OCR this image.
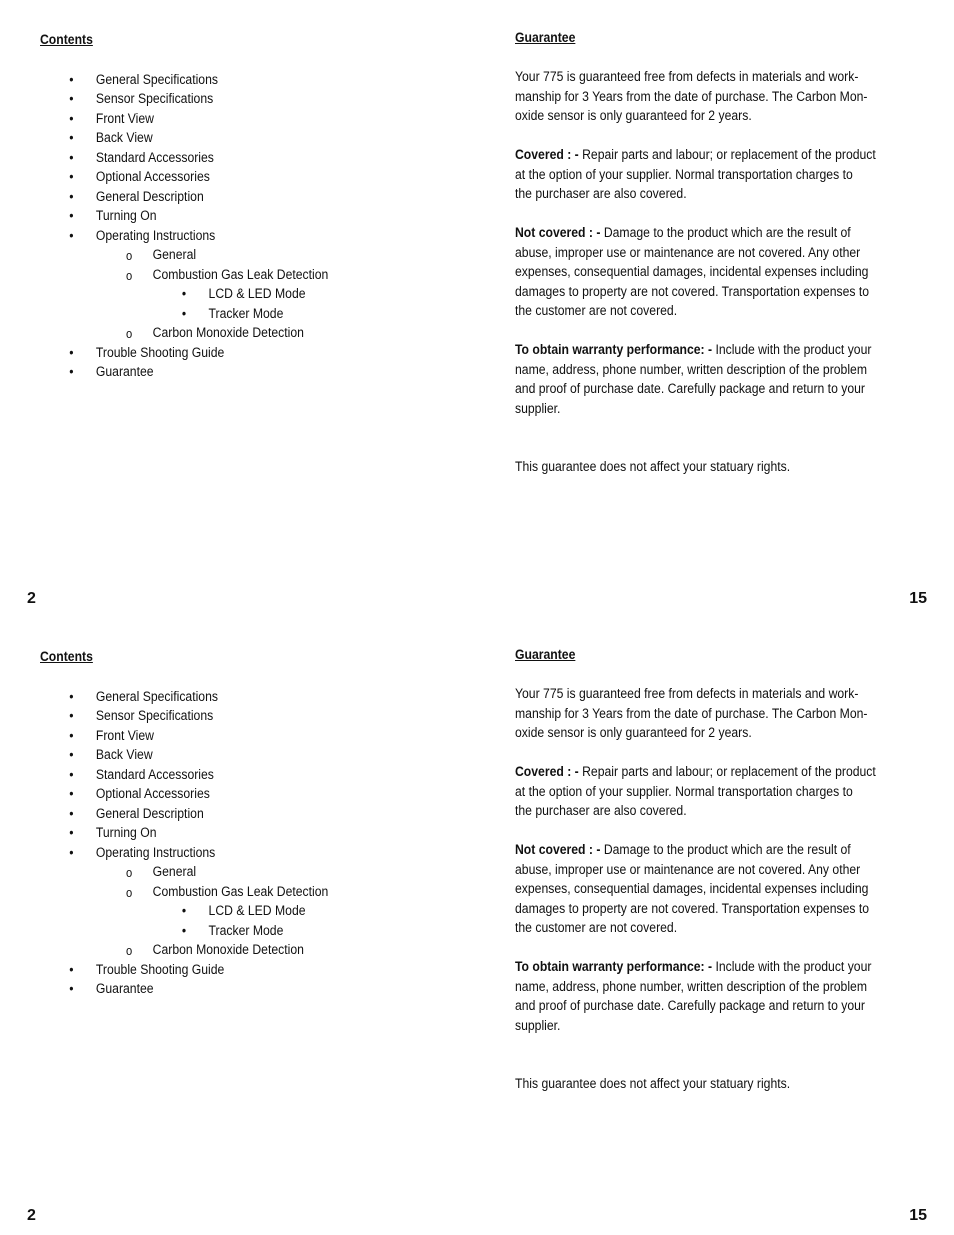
Contents
• General Specifications
• Sensor Specifications
• Front View
• Back View
• Standard Accessories
• Optional Accessories
• General Description
• Turning On
• Operating Instructions
o General
o Combustion Gas Leak Detection
• LCD & LED Mode
• Tracker Mode
o Carbon Monoxide Detection
• Trouble Shooting Guide
• Guarantee
Guarantee
Your 775 is guaranteed free from defects in materials and work-
manship for 3 Years from the date of purchase. The Carbon Mon-
oxide sensor is only guaranteed for 2 years.
Covered : - Repair parts and labour; or replacement of the product
at the option of your supplier. Normal transportation charges to
the purchaser are also covered.
Not covered : - Damage to the product which are the result of
abuse, improper use or maintenance are not covered. Any other
expenses, consequential damages, incidental expenses including
damages to property are not covered. Transportation expenses to
the customer are not covered.
To obtain warranty performance: - Include with the product your
name, address, phone number, written description of the problem
and proof of purchase date. Carefully package and return to your
supplier.
This guarantee does not affect your statuary rights.
2	15
Contents
• General Specifications
• Sensor Specifications
• Front View
• Back View
• Standard Accessories
• Optional Accessories
• General Description
• Turning On
• Operating Instructions
o General
o Combustion Gas Leak Detection
• LCD & LED Mode
• Tracker Mode
o Carbon Monoxide Detection
• Trouble Shooting Guide
• Guarantee
Guarantee
Your 775 is guaranteed free from defects in materials and work-
manship for 3 Years from the date of purchase. The Carbon Mon-
oxide sensor is only guaranteed for 2 years.
Covered : - Repair parts and labour; or replacement of the product
at the option of your supplier. Normal transportation charges to
the purchaser are also covered.
Not covered : - Damage to the product which are the result of
abuse, improper use or maintenance are not covered. Any other
expenses, consequential damages, incidental expenses including
damages to property are not covered. Transportation expenses to
the customer are not covered.
To obtain warranty performance: - Include with the product your
name, address, phone number, written description of the problem
and proof of purchase date. Carefully package and return to your
supplier.
This guarantee does not affect your statuary rights.
2	15
